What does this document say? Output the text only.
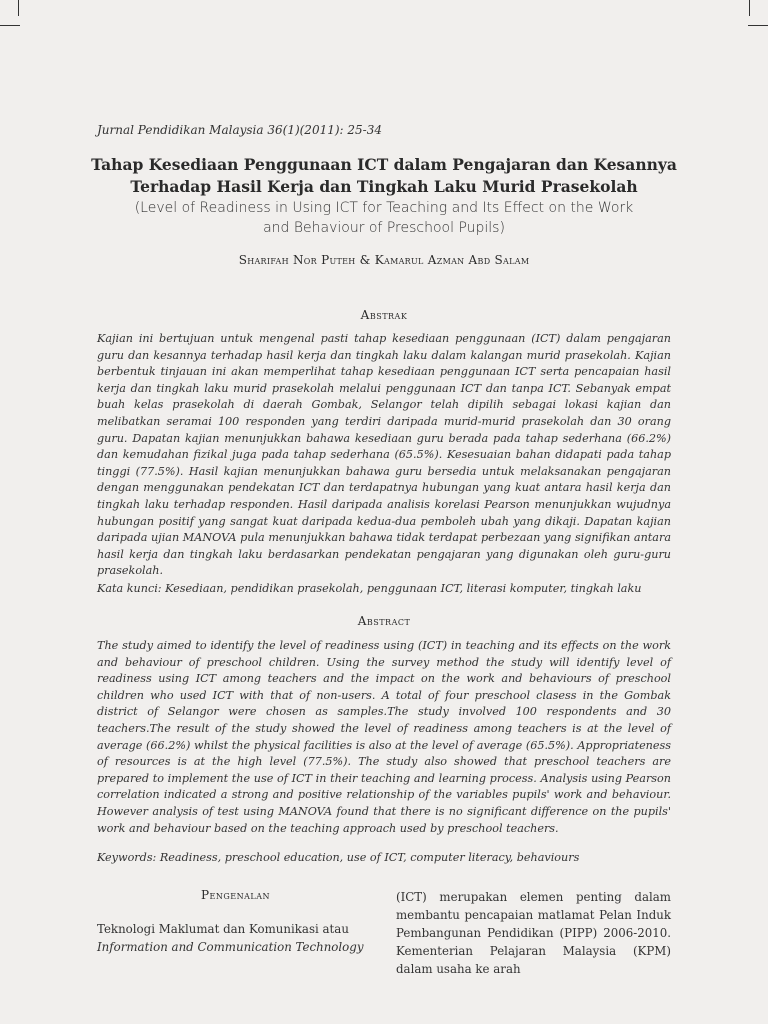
Jurnal Pendidikan Malaysia 36(1)(2011): 25-34
Tahap Kesediaan Penggunaan ICT dalam Pengajaran dan Kesannya
Terhadap Hasil Kerja dan Tingkah Laku Murid Prasekolah
(Level of Readiness in Using ICT for Teaching and Its Effect on the Work
and Behaviour of Preschool Pupils)
Sharifah Nor Puteh & Kamarul Azman Abd Salam
Abstrak
Kajian ini bertujuan untuk mengenal pasti tahap kesediaan penggunaan (ICT) dalam pengajaran guru dan kesannya terhadap hasil kerja dan tingkah laku dalam kalangan murid prasekolah. Kajian berbentuk tinjauan ini akan memperlihat tahap kesediaan penggunaan ICT serta pencapaian hasil kerja dan tingkah laku murid prasekolah melalui penggunaan ICT dan tanpa ICT. Sebanyak empat buah kelas prasekolah di daerah Gombak, Selangor telah dipilih sebagai lokasi kajian dan melibatkan seramai 100 responden yang terdiri daripada murid-murid prasekolah dan 30 orang guru. Dapatan kajian menunjukkan bahawa kesediaan guru berada pada tahap sederhana (66.2%) dan kemudahan fizikal juga pada tahap sederhana (65.5%). Kesesuaian bahan didapati pada tahap tinggi (77.5%). Hasil kajian menunjukkan bahawa guru bersedia untuk melaksanakan pengajaran dengan menggunakan pendekatan ICT dan terdapatnya hubungan yang kuat antara hasil kerja dan tingkah laku terhadap responden. Hasil daripada analisis korelasi Pearson menunjukkan wujudnya hubungan positif yang sangat kuat daripada kedua-dua pemboleh ubah yang dikaji. Dapatan kajian daripada ujian MANOVA pula menunjukkan bahawa tidak terdapat perbezaan yang signifikan antara hasil kerja dan tingkah laku berdasarkan pendekatan pengajaran yang digunakan oleh guru-guru prasekolah.
Kata kunci: Kesediaan, pendidikan prasekolah, penggunaan ICT, literasi komputer, tingkah laku
Abstract
The study aimed to identify the level of readiness using (ICT) in teaching and its effects on the work and behaviour of preschool children. Using the survey method the study will identify level of readiness using ICT among teachers and the impact on the work and behaviours of preschool children who used ICT with that of non-users. A total of four preschool clasess in the Gombak district of Selangor were chosen as samples.The study involved 100 respondents and 30 teachers.The result of the study showed the level of readiness among teachers is at the level of average (66.2%) whilst the physical facilities is also at the level of average (65.5%). Appropriateness of resources is at the high level (77.5%). The study also showed that preschool teachers are prepared to implement the use of ICT in their teaching and learning process. Analysis using Pearson correlation indicated a strong and positive relationship of the variables pupils' work and behaviour. However analysis of test using MANOVA found that there is no significant difference on the pupils' work and behaviour based on the teaching approach used by preschool teachers.
Keywords: Readiness, preschool education, use of ICT, computer literacy, behaviours
Pengenalan
Teknologi Maklumat dan Komunikasi atau
Information and Communication Technology
(ICT) merupakan elemen penting dalam membantu pencapaian matlamat Pelan Induk Pembangunan Pendidikan (PIPP) 2006-2010. Kementerian Pelajaran Malaysia (KPM) dalam usaha ke arah
